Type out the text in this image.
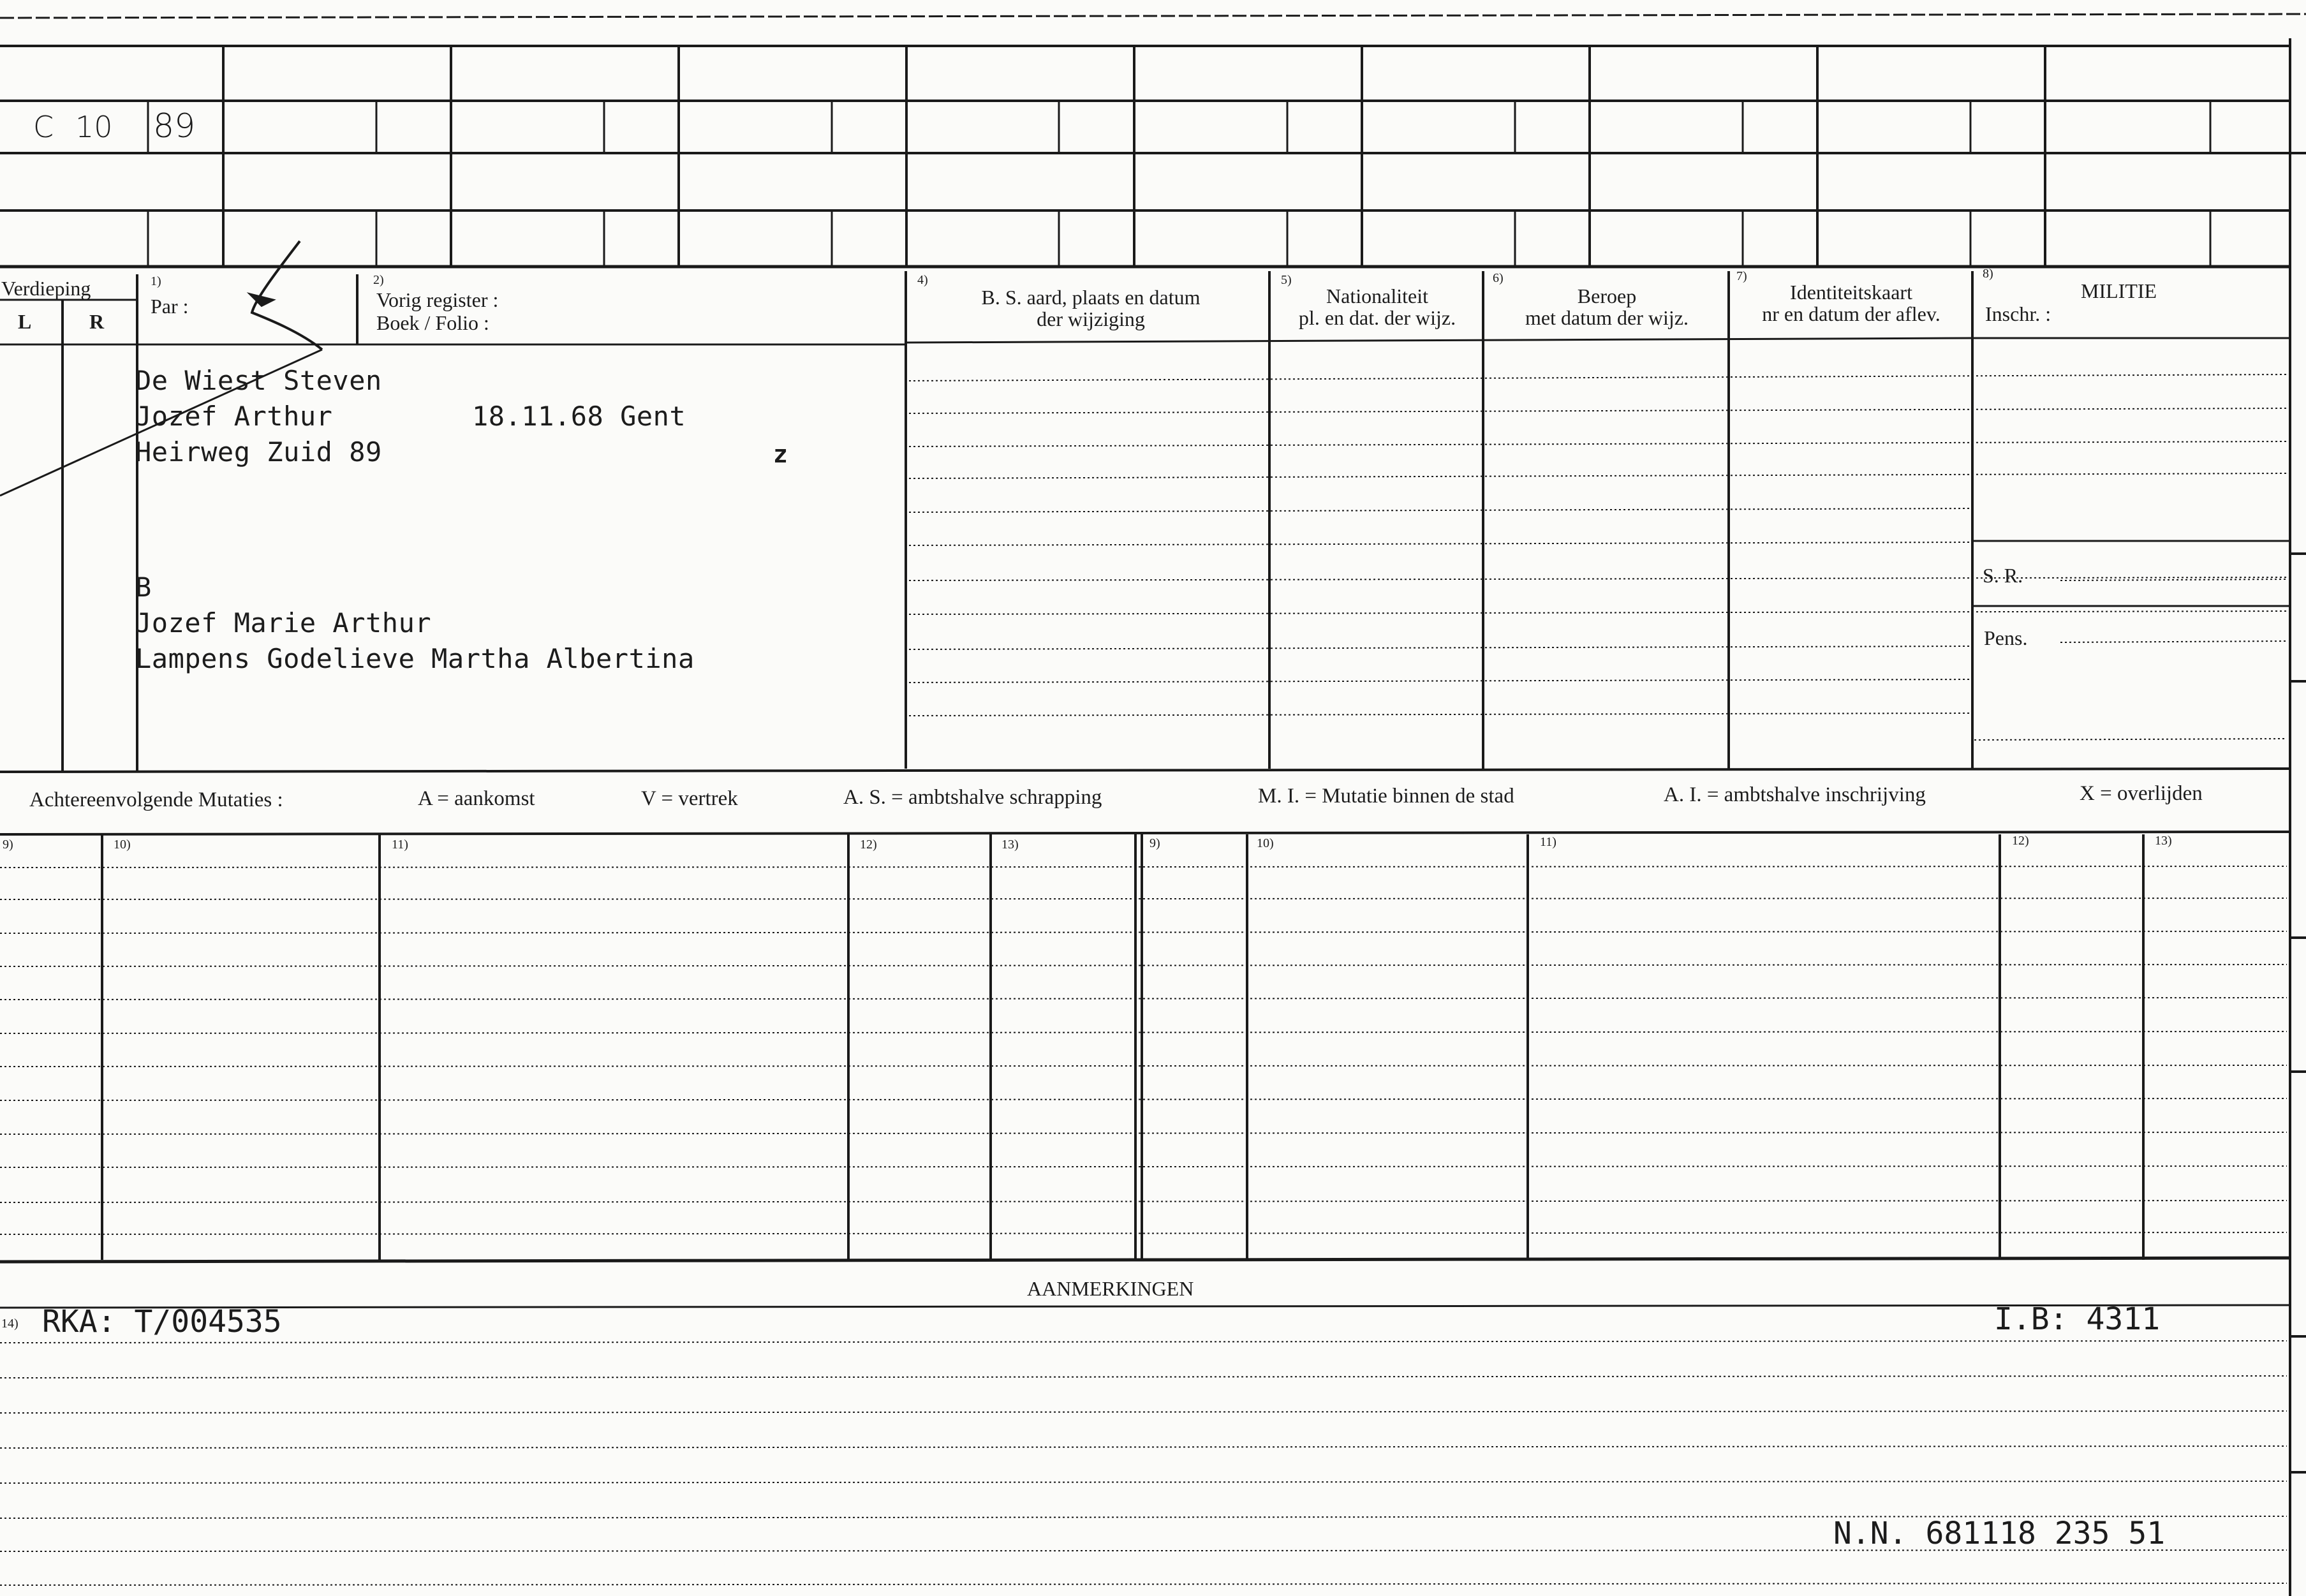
C 10 89
Verdieping
L	R
1)
Par :
2)
Vorig register :
Boek / Folio :
4)
B. S. aard, plaats en datum
der wijziging
5)
Nationaliteit
pl. en dat. der wijz.
6)
Beroep
met datum der wijz.
7)
Identiteitskaart
nr en datum der aflev.
8)
MILITIE
Inschr. :
S. R.
Pens.
De Wiest Steven
Jozef Arthur	18.11.68 Gent
Heirweg Zuid 89	z
B
Jozef Marie Arthur
Lampens Godelieve Martha Albertina
Achtereenvolgende Mutaties :	A = aankomst	V = vertrek	A. S. = ambtshalve schrapping	M. I. = Mutatie binnen de stad	A. I. = ambtshalve inschrijving	X = overlijden
9)	10)	11)	12)	13)	9)	10)	11)	12)	13)
AANMERKINGEN
14) RKA: T/004535	I.B: 4311
N.N. 681118 235 51
